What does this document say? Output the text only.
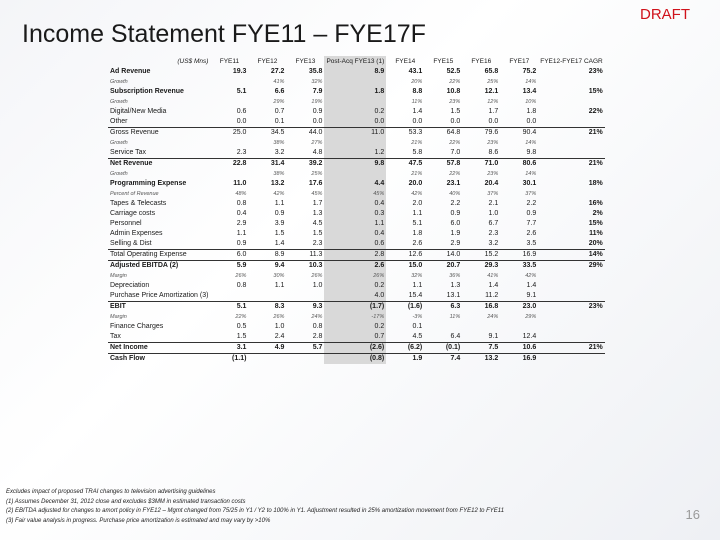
Income Statement FYE11 – FYE17F
DRAFT
(US$ Mns)	FYE11	FYE12	FYE13	Post-Acq FYE13 (1)	FYE14	FYE15	FYE16	FYE17	FYE12-FYE17 CAGR
Ad Revenue	19.3	27.2	35.8	8.9	43.1	52.5	65.8	75.2	23%
Growth		41%	32%		20%	22%	25%	14%	
Subscription Revenue	5.1	6.6	7.9	1.8	8.8	10.8	12.1	13.4	15%
Growth		29%	19%		11%	23%	12%	10%	
Digital/New Media	0.6	0.7	0.9	0.2	1.4	1.5	1.7	1.8	22%
Other	0.0	0.1	0.0	0.0	0.0	0.0	0.0	0.0	
Gross Revenue	25.0	34.5	44.0	11.0	53.3	64.8	79.6	90.4	21%
Growth		38%	27%		21%	22%	23%	14%	
Service Tax	2.3	3.2	4.8	1.2	5.8	7.0	8.6	9.8	
Net Revenue	22.8	31.4	39.2	9.8	47.5	57.8	71.0	80.6	21%
Growth		38%	25%		21%	22%	23%	14%	
Programming Expense	11.0	13.2	17.6	4.4	20.0	23.1	20.4	30.1	18%
Percent of Revenue	48%	42%	45%	45%	42%	40%	37%	37%	
Tapes & Telecasts	0.8	1.1	1.7	0.4	2.0	2.2	2.1	2.2	16%
Carriage costs	0.4	0.9	1.3	0.3	1.1	0.9	1.0	0.9	2%
Personnel	2.9	3.9	4.5	1.1	5.1	6.0	6.7	7.7	15%
Admin Expenses	1.1	1.5	1.5	0.4	1.8	1.9	2.3	2.6	11%
Selling & Dist	0.9	1.4	2.3	0.6	2.6	2.9	3.2	3.5	20%
Total Operating Expense	6.0	8.9	11.3	2.8	12.6	14.0	15.2	16.9	14%
Adjusted EBITDA (2)	5.9	9.4	10.3	2.6	15.0	20.7	29.3	33.5	29%
Margin	26%	30%	26%	26%	32%	36%	41%	42%	
Depreciation	0.8	1.1	1.0	0.2	1.1	1.3	1.4	1.4	
Purchase Price Amortization (3)				4.0	15.4	13.1	11.2	9.1	
EBIT	5.1	8.3	9.3	(1.7)	(1.6)	6.3	16.8	23.0	23%
Margin	22%	26%	24%	-17%	-3%	11%	24%	29%	
Finance Charges	0.5	1.0	0.8	0.2	0.1				
Tax	1.5	2.4	2.8	0.7	4.5	6.4	9.1	12.4	
Net Income	3.1	4.9	5.7	(2.6)	(6.2)	(0.1)	7.5	10.6	21%
Cash Flow	(1.1)			(0.8)	1.9	7.4	13.2	16.9	
Excludes impact of proposed TRAI changes to television advertising guidelines
(1) Assumes December 31, 2012 close and excludes $3MM in estimated transaction costs
(2) EBITDA adjusted for changes to amort policy in FYE12 – Mgmt changed from 75/25 in Y1 / Y2 to 100% in Y1. Adjustment resulted in 25% amortization movement from FYE12 to FYE11
(3) Fair value analysis in progress. Purchase price amortization is estimated and may vary by >10%	16
